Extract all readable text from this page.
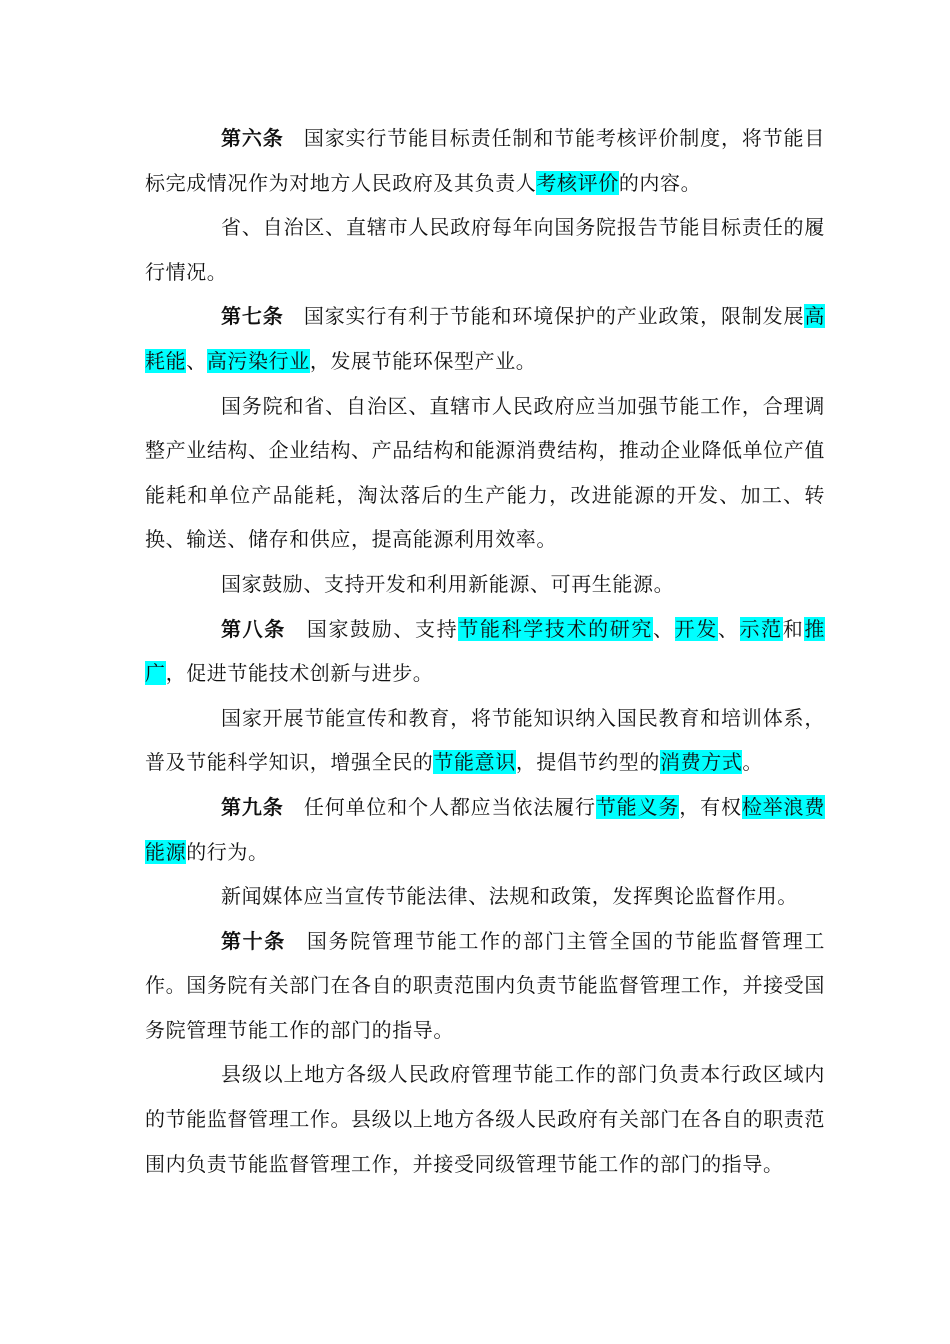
第六条 国家实行节能目标责任制和节能考核评价制度，将节能目标完成情况作为对地方人民政府及其负责人考核评价的内容。

省、自治区、直辖市人民政府每年向国务院报告节能目标责任的履行情况。

第七条 国家实行有利于节能和环境保护的产业政策，限制发展高耗能、高污染行业，发展节能环保型产业。

国务院和省、自治区、直辖市人民政府应当加强节能工作，合理调整产业结构、企业结构、产品结构和能源消费结构，推动企业降低单位产值能耗和单位产品能耗，淘汰落后的生产能力，改进能源的开发、加工、转换、输送、储存和供应，提高能源利用效率。

国家鼓励、支持开发和利用新能源、可再生能源。

第八条 国家鼓励、支持节能科学技术的研究、开发、示范和推广，促进节能技术创新与进步。

国家开展节能宣传和教育，将节能知识纳入国民教育和培训体系，普及节能科学知识，增强全民的节能意识，提倡节约型的消费方式。

第九条 任何单位和个人都应当依法履行节能义务，有权检举浪费能源的行为。

新闻媒体应当宣传节能法律、法规和政策，发挥舆论监督作用。

第十条 国务院管理节能工作的部门主管全国的节能监督管理工作。国务院有关部门在各自的职责范围内负责节能监督管理工作，并接受国务院管理节能工作的部门的指导。

县级以上地方各级人民政府管理节能工作的部门负责本行政区域内的节能监督管理工作。县级以上地方各级人民政府有关部门在各自的职责范围内负责节能监督管理工作，并接受同级管理节能工作的部门的指导。
